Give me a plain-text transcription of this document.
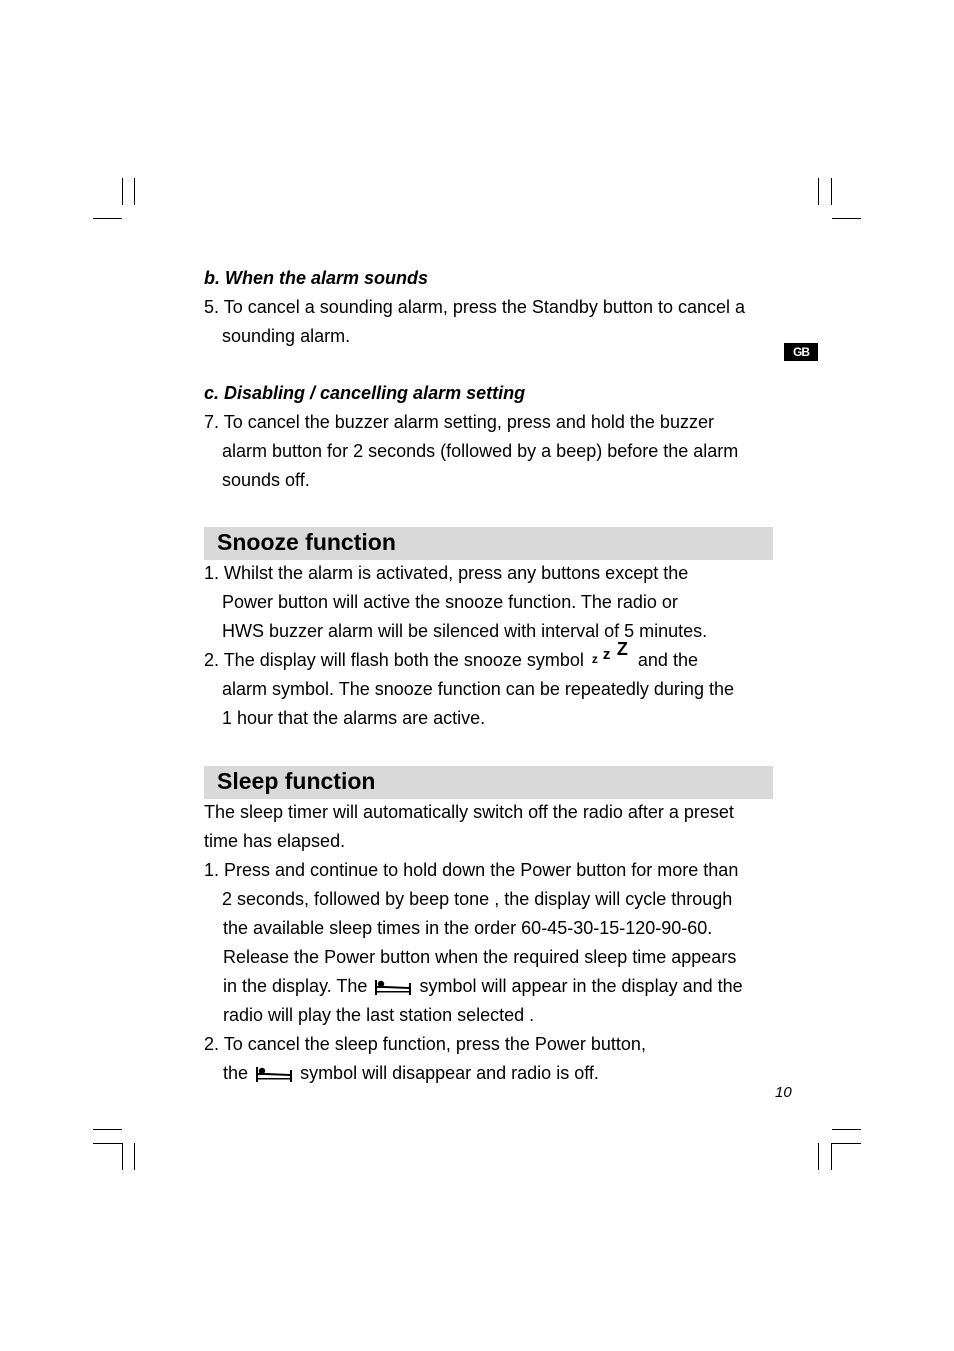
GB
b. When the alarm sounds
5. To cancel a sounding alarm, press the Standby button to cancel a
sounding alarm.
c. Disabling / cancelling alarm setting
7. To cancel the buzzer alarm setting, press and hold the buzzer
alarm button for 2 seconds (followed by a beep) before the alarm
sounds off.
Snooze function
1. Whilst the alarm is activated, press any buttons except the
Power button will active the snooze function. The radio or
HWS buzzer alarm will be silenced with interval of 5 minutes.
2. The display will flash both the snooze symbol z z Z
and the
alarm symbol. The snooze function can be repeatedly during the
1 hour that the alarms are active.
Sleep function
The sleep timer will automatically switch off the radio after a preset
time has elapsed.
1. Press and continue to hold down the Power button for more than
2 seconds, followed by beep tone , the display will cycle through
the available sleep times in the order 60-45-30-15-120-90-60.
Release the Power button when the required sleep time appears
in the display. The	symbol will appear in the display and the
radio will play the last station selected .
2. To cancel the sleep function, press the Power button,
the	symbol will disappear and radio is off.
10
